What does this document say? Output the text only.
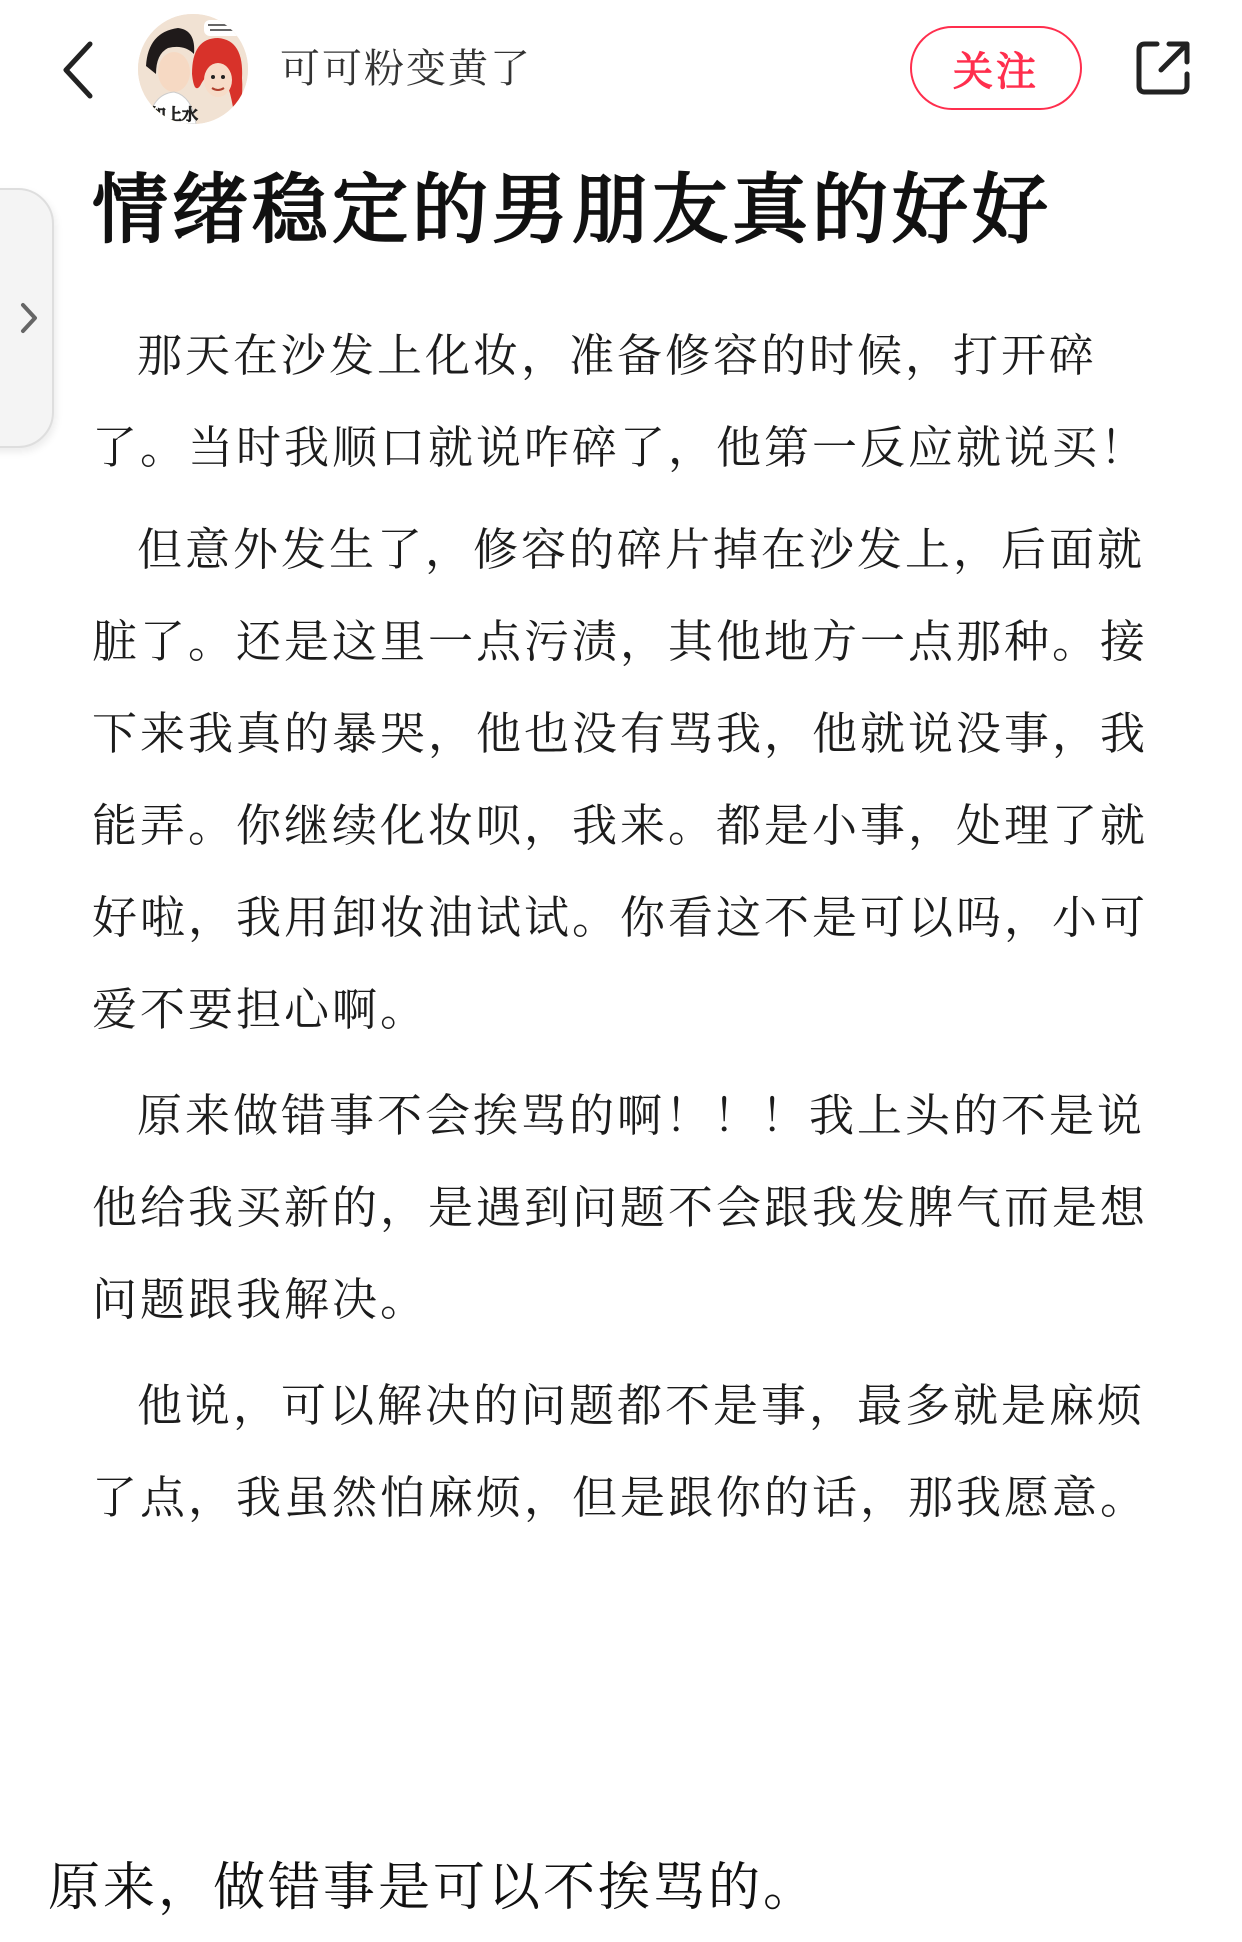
如上水
可可粉变黄了	关注
情绪稳定的男朋友真的好好

那天在沙发上化妆，准备修容的时候，打开碎了。当时我顺口就说咋碎了，他第一反应就说买！

但意外发生了，修容的碎片掉在沙发上，后面就脏了。还是这里一点污渍，其他地方一点那种。接下来我真的暴哭，他也没有骂我，他就说没事，我能弄。你继续化妆呗，我来。都是小事，处理了就好啦，我用卸妆油试试。你看这不是可以吗，小可爱不要担心啊。

原来做错事不会挨骂的啊！！！我上头的不是说他给我买新的，是遇到问题不会跟我发脾气而是想问题跟我解决。

他说，可以解决的问题都不是事，最多就是麻烦了点，我虽然怕麻烦，但是跟你的话，那我愿意。

原来，做错事是可以不挨骂的。
